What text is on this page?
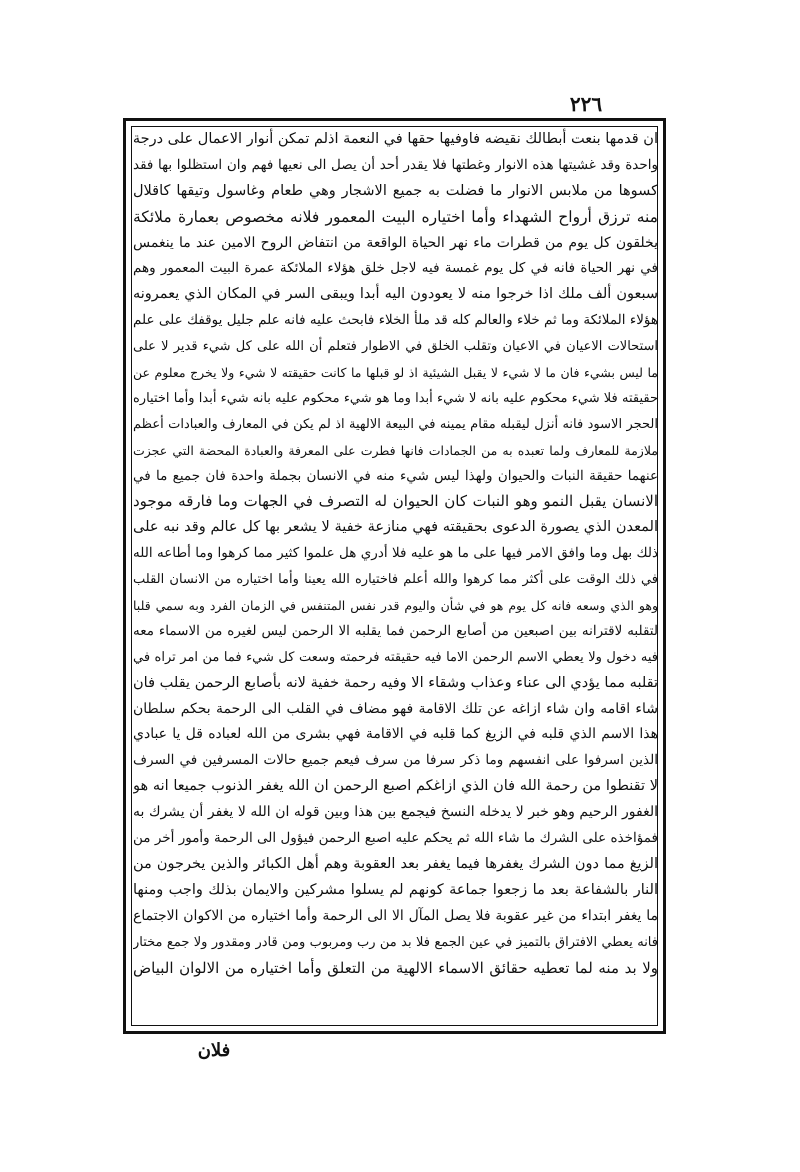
٢٢٦
ان قدمها بنعت أبطالك نقيضه فاوفيها حقها في النعمة اذلم تمكن أنوار الاعمال على درجة
واحدة وقد غشيتها هذه الانوار وغطتها فلا يقدر أحد أن يصل الى نعيها فهم وان استظلوا بها فقد
كسوها من ملابس الانوار ما فضلت به جميع الاشجار وهي طعام وغاسول وتيقها كاقلال
منه ترزق أرواح الشهداء وأما اختياره البيت المعمور فلانه مخصوص بعمارة ملائكة
يخلقون كل يوم من قطرات ماء نهر الحياة الواقعة من انتفاض الروح الامين عند ما ينغمس
في نهر الحياة فانه في كل يوم غمسة فيه لاجل خلق هؤلاء الملائكة عمرة البيت المعمور وهم
سبعون ألف ملك اذا خرجوا منه لا يعودون اليه أبدا ويبقى السر في المكان الذي يعمرونه
هؤلاء الملائكة وما ثم خلاء والعالم كله قد ملأ الخلاء فابحث عليه فانه علم جليل يوقفك على علم
استحالات الاعيان في الاعيان وتقلب الخلق في الاطوار فتعلم أن الله على كل شيء قدير لا على
ما ليس بشيء فان ما لا شيء لا يقبل الشيئية اذ لو قبلها ما كانت حقيقته لا شيء ولا يخرج معلوم عن
حقيقته فلا شيء محكوم عليه بانه لا شيء أبدا وما هو شيء محكوم عليه بانه شيء أبدا وأما اختياره
الحجر الاسود فانه أنزل ليقبله مقام يمينه في البيعة الالهية اذ لم يكن في المعارف والعبادات أعظم
ملازمة للمعارف ولما تعبده به من الجمادات فانها فطرت على المعرفة والعبادة المحضة التي عجزت
عنهما حقيقة النبات والحيوان ولهذا ليس شيء منه في الانسان بجملة واحدة فان جميع ما في
الانسان يقبل النمو وهو النبات كان الحيوان له التصرف في الجهات وما فارقه موجود
المعدن الذي يصورة الدعوى بحقيقته فهي منازعة خفية لا يشعر بها كل عالم وقد نبه على
ذلك بهل وما وافق الامر فيها على ما هو عليه فلا أدري هل علموا كثير مما كرهوا وما أطاعه الله
في ذلك الوقت على أكثر مما كرهوا والله أعلم فاختياره الله يعينا وأما اختياره من الانسان القلب
وهو الذي وسعه فانه كل يوم هو في شأن واليوم قدر نفس المتنفس في الزمان الفرد وبه سمي قلبا
لتقلبه لاقترانه بين اصبعين من أصابع الرحمن فما يقلبه الا الرحمن ليس لغيره من الاسماء معه
فيه دخول ولا يعطي الاسم الرحمن الاما فيه حقيقته فرحمته وسعت كل شيء فما من امر تراه في
تقلبه مما يؤدي الى عناء وعذاب وشقاء الا وفيه رحمة خفية لانه بأصابع الرحمن يقلب فان
شاء اقامه وان شاء ازاغه عن تلك الاقامة فهو مضاف في القلب الى الرحمة بحكم سلطان
هذا الاسم الذي قلبه في الزيغ كما قلبه في الاقامة فهي بشرى من الله لعباده قل يا عبادي
الذين اسرفوا على انفسهم وما ذكر سرفا من سرف فيعم جميع حالات المسرفين في السرف
لا تقنطوا من رحمة الله فان الذي ازاغكم اصبع الرحمن ان الله يغفر الذنوب جميعا انه هو
الغفور الرحيم وهو خبر لا يدخله النسخ فيجمع بين هذا وبين قوله ان الله لا يغفر أن يشرك به
فمؤاخذه على الشرك ما شاء الله ثم يحكم عليه اصبع الرحمن فيؤول الى الرحمة وأمور أخر من
الزيغ مما دون الشرك يغفرها فيما يغفر بعد العقوبة وهم أهل الكبائر والذين يخرجون من
النار بالشفاعة بعد ما زجعوا جماعة كونهم لم يسلوا مشركين والايمان بذلك واجب ومنها
ما يغفر ابتداء من غير عقوبة فلا يصل المآل الا الى الرحمة وأما اختياره من الاكوان الاجتماع
فانه يعطي الافتراق بالتميز في عين الجمع فلا بد من رب ومربوب ومن قادر ومقدور ولا جمع مختار
ولا بد منه لما تعطيه حقائق الاسماء الالهية من التعلق وأما اختياره من الالوان البياض
فلان
